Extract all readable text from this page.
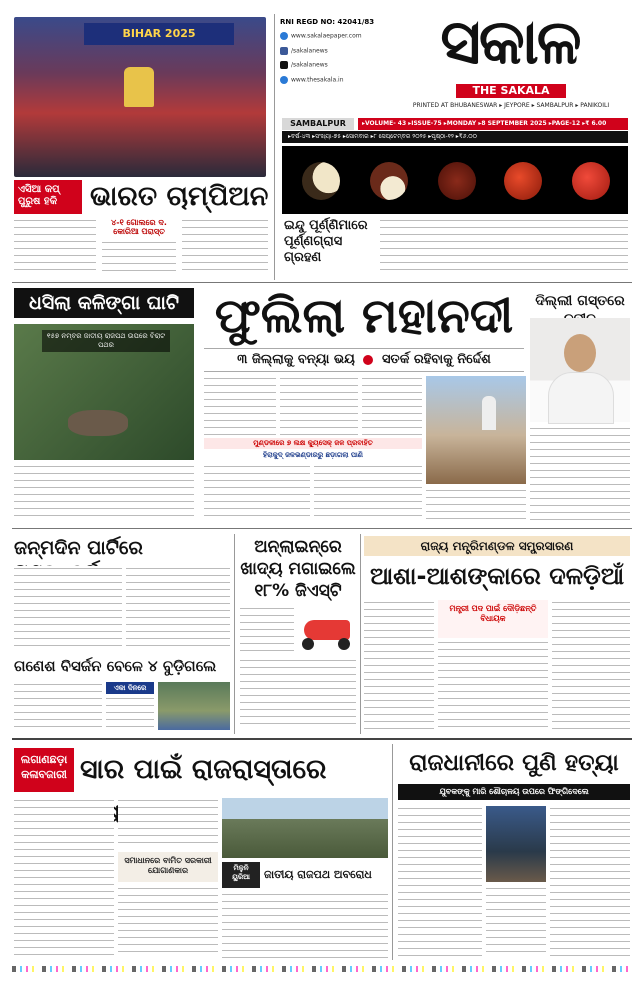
BIHAR 2025
ଏସିଆ କପ୍ ପୁରୁଷ ହକି	ଭାରତ ଚାମ୍ପିଅନ
୪-୧ ଗୋଲରେ ଦ. କୋରିଆ ପରାସ୍ତ
RNI REGD NO: 42041/83
www.sakalaepaper.com
/sakalanews
/sakalanews
www.thesakala.in
ସକାଳ
THE SAKALA
PRINTED AT BHUBANESWAR ▸ JEYPORE ▸ SAMBALPUR ▸ PANIKOILI
SAMBALPUR	▸VOLUME- 43 ▸ISSUE-75 ▸MONDAY ▸8 SEPTEMBER 2025 ▸PAGE-12 ▸₹ 6.00
▸ବର୍ଷ-୪୩ ▸ସଂଖ୍ୟା-୭୫ ▸ସୋମବାର ▸୮ ସେପ୍ଟେମ୍ବର ୨୦୨୫ ▸ପୃଷ୍ଠା-୧୨ ▸₹୬.୦୦
ଇନ୍ଦୁ ପୂର୍ଣ୍ଣିମାରେ ପୂର୍ଣ୍ଣଗ୍ରାସ ଗ୍ରହଣ
ଧସିଲା କଳିଙ୍ଗା ଘାଟି
୧୫୭ ନମ୍ବର ଜାତୀୟ ରାଜପଥ ଉପରେ ବିରାଟ ପଥର
ଫୁଲିଲା ମହାନଦୀ
୩ ଜିଲ୍ଲାକୁ ବନ୍ୟା ଭୟ ସତର୍କ ରହିବାକୁ ନିର୍ଦ୍ଦେଶ
ମୁଣ୍ଡଳୀରେ ୭ ଲକ୍ଷ କ୍ୟୁସେକ୍ ଜଳ ପ୍ରବାହିତ
ହିରାକୁଦ୍ ଜଳଭଣ୍ଡାରରୁ ଛଡ଼ାଗଲା ପାଣି
ଦିଲ୍ଲୀ ଗସ୍ତରେ
ଜନ୍ମଦିନ ପାର୍ଟିରେ
ଗଣେଶ ବିସର୍ଜନ ବେଳେ ୪ ବୁଡ଼ିଗଲେ
ଏକା ଦିନରେ
ଅନ୍‌ଲାଇନ୍‌ରେ ଖାଦ୍ୟ ମଗାଇଲେ ୧୮% ଜିଏସ୍‌ଟି
ରାଜ୍ୟ ମନ୍ତ୍ରିମଣ୍ଡଳ ସମ୍ପ୍ରସାରଣ
ଆଶା-ଆଶଙ୍କାରେ ଦଳଡ଼ିଆଁ
ମନ୍ତ୍ରୀ ପଦ ପାଇଁ ଦୌଡ଼ିଛନ୍ତି ବିଧାୟକ
ଲଗାଣଛଡ଼ା କଳାବଜାରୀ ସାର ପାଇଁ ରାଜରାସ୍ତାରେ
ସମାଧାନରେ ବାମିତ ସରକାରୀ ଯୋଗାଣକାର	ମିଳୁନି ୟୁରିଆ	ଜାତୀୟ ରାଜପଥ ଅବରୋଧ
ରାଜଧାନୀରେ ପୁଣି ହତ୍ୟା
ଯୁବକଙ୍କୁ ମାରି ଶୌଚାଳୟ ଉପରେ ଫିଙ୍ଗିଦେଲେ
